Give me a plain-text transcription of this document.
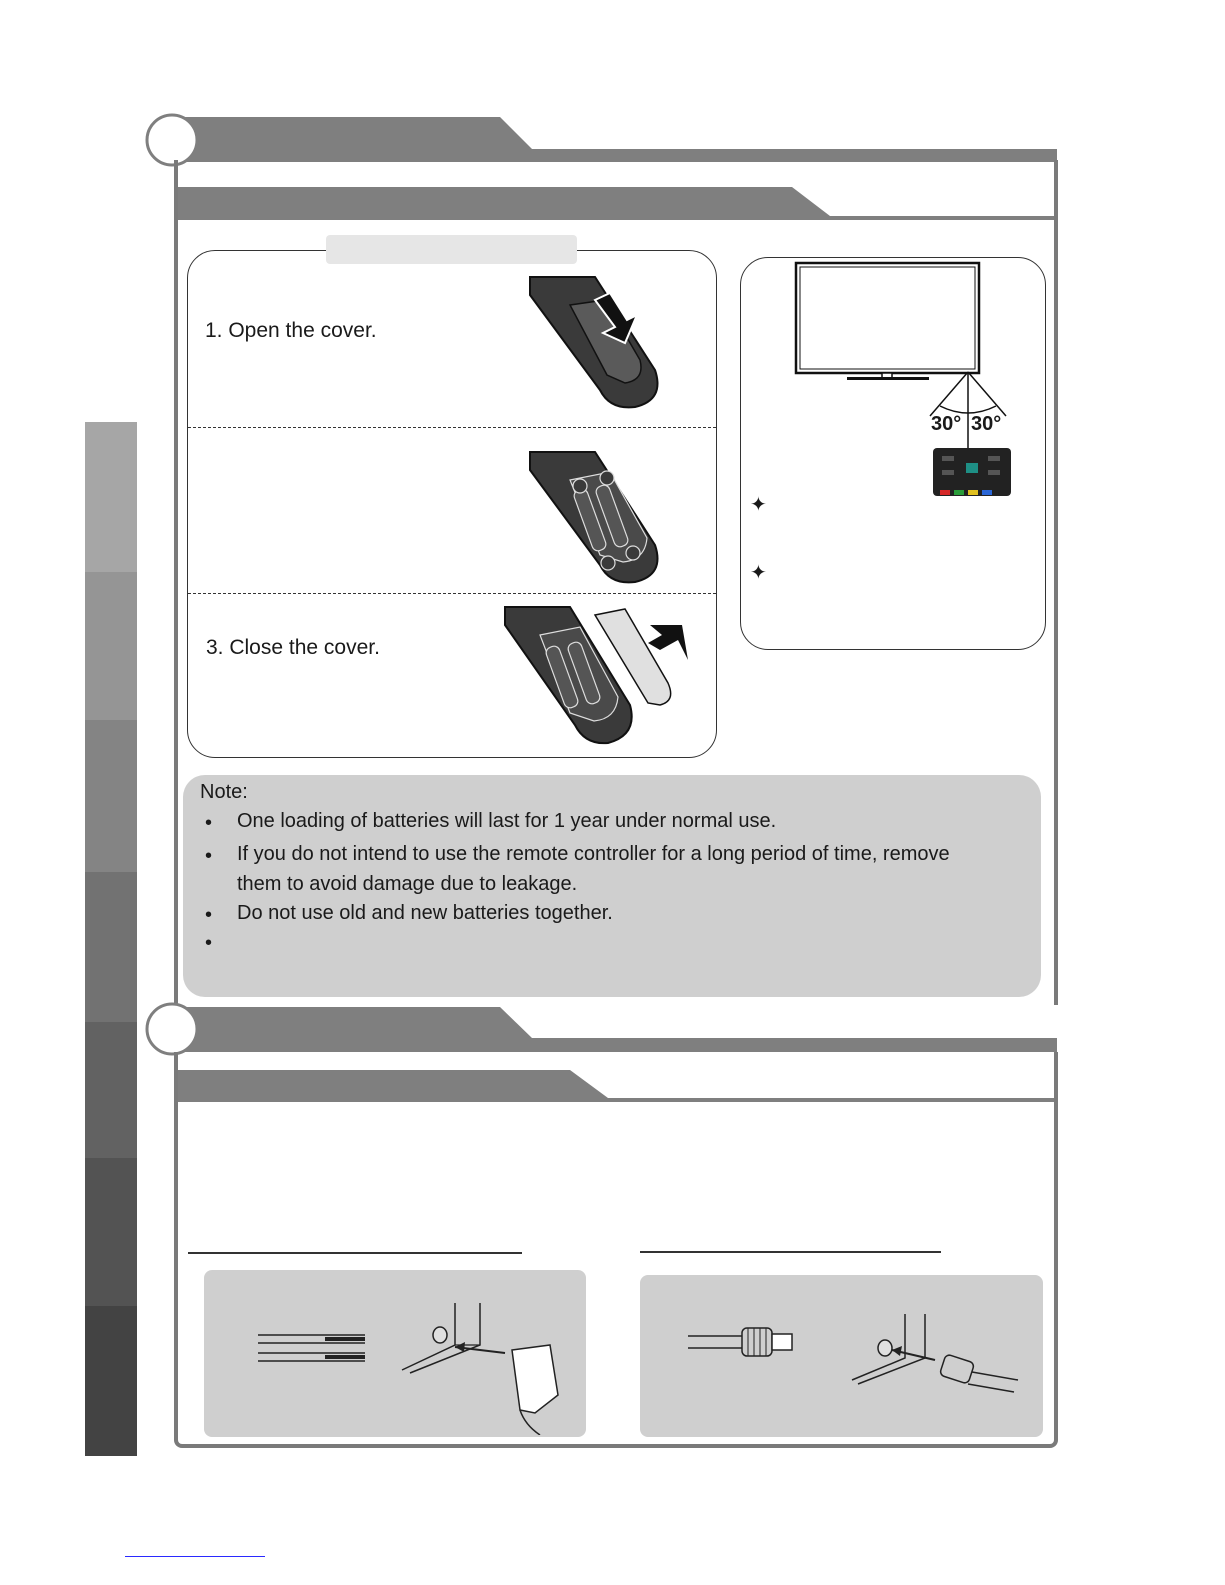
1. Open the cover.
3. Close the cover.
30° 30°
✦
✦
Note:
• One loading of batteries will last for 1 year under normal use.
• If you do not intend to use the remote controller for a long period of time, remove
them to avoid damage due to leakage.
• Do not use old and new batteries together.
•
